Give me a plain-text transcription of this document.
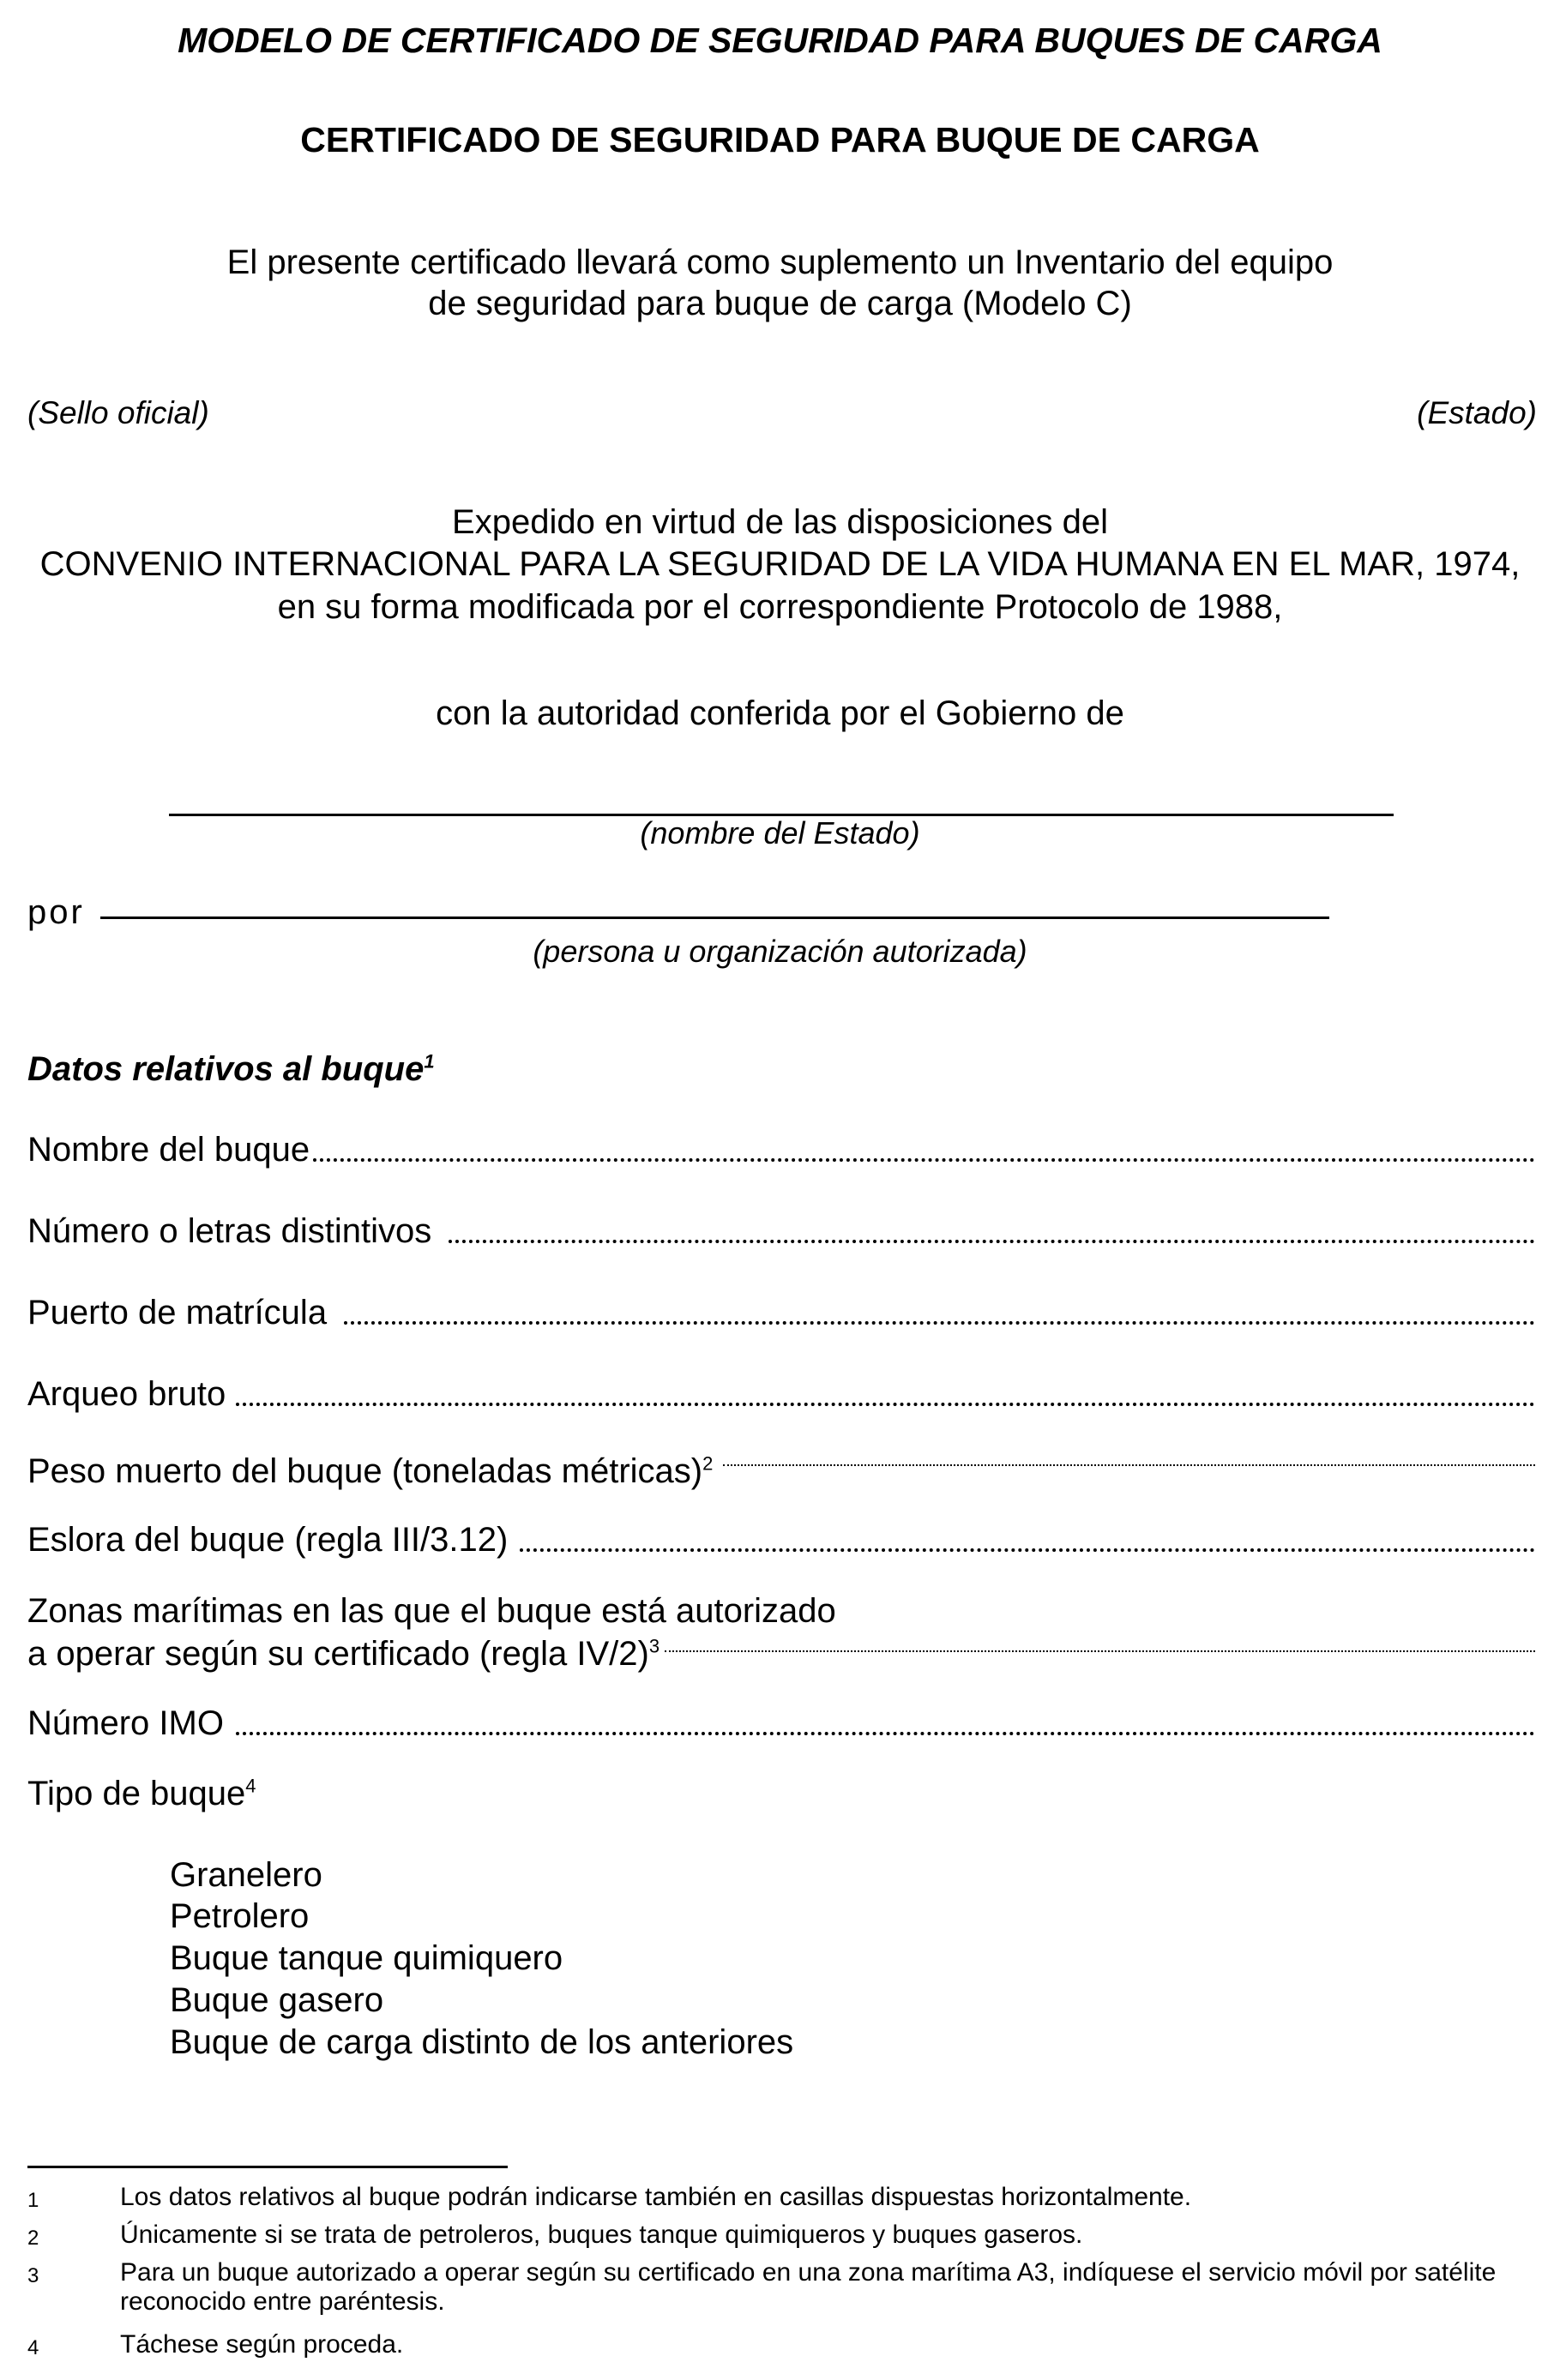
MODELO DE CERTIFICADO DE SEGURIDAD PARA BUQUES DE CARGA
CERTIFICADO DE SEGURIDAD PARA BUQUE DE CARGA
El presente certificado llevará como suplemento un Inventario del equipo
de seguridad para buque de carga (Modelo C)
(Sello oficial)	(Estado)
Expedido en virtud de las disposiciones del
CONVENIO INTERNACIONAL PARA LA SEGURIDAD DE LA VIDA HUMANA EN EL MAR, 1974,
en su forma modificada por el correspondiente Protocolo de 1988,
con la autoridad conferida por el Gobierno de
(nombre del Estado)
por
(persona u organización autorizada)
Datos relativos al buque$^1$
Nombre del buque
Número o letras distintivos
Puerto de matrícula
Arqueo bruto
Peso muerto del buque (toneladas métricas)$^2$
Eslora del buque (regla III/3.12)
Zonas marítimas en las que el buque está autorizado
a operar según su certificado (regla IV/2)$^3$
Número IMO
Tipo de buque$^4$
Granelero
Petrolero
Buque tanque quimiquero
Buque gasero
Buque de carga distinto de los anteriores
1	Los datos relativos al buque podrán indicarse también en casillas dispuestas horizontalmente.
2	Únicamente si se trata de petroleros, buques tanque quimiqueros y buques gaseros.
3	Para un buque autorizado a operar según su certificado en una zona marítima A3, indíquese el servicio móvil por satélite reconocido entre paréntesis.
4	Táchese según proceda.
